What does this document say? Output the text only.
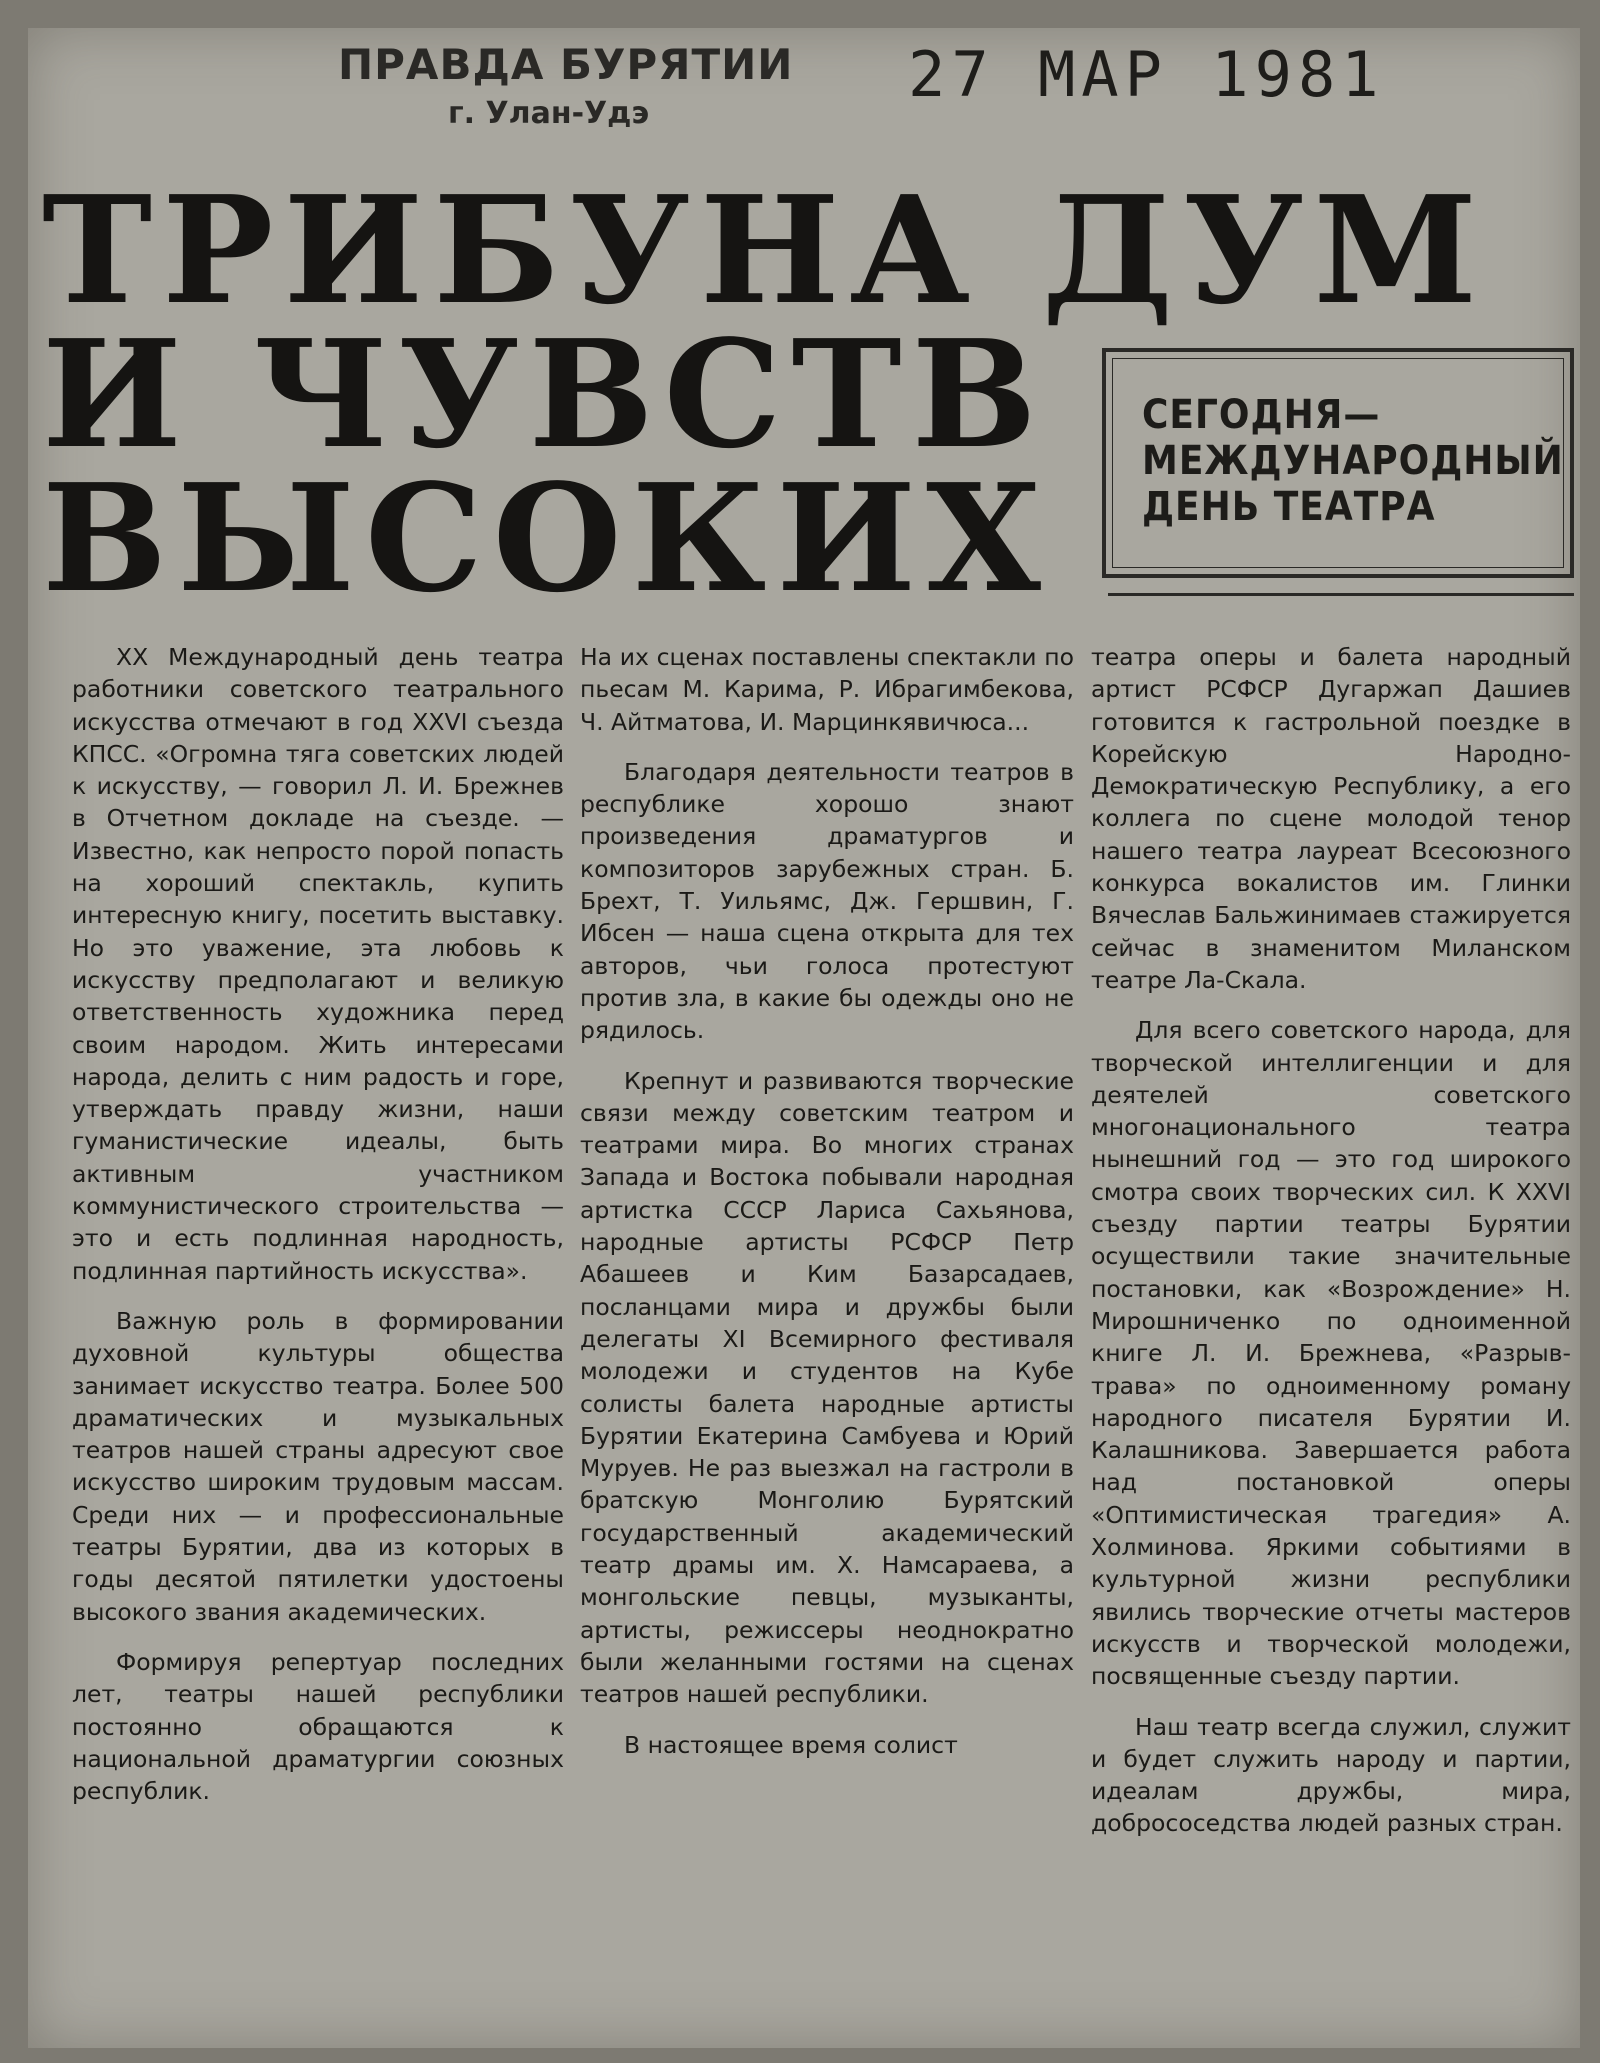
ПРАВДА БУРЯТИИ
г. Улан-Удэ
27 МАР 1981
ТРИБУНА ДУМ
И ЧУВСТВ
ВЫСОКИХ
СЕГОДНЯ—
МЕЖДУНАРОДНЫЙ
ДЕНЬ ТЕАТРА

XX Международный день театра работники советского театрального искусства отмечают в год XXVI съезда КПСС. «Огромна тяга советских людей к искусству, — говорил Л. И. Брежнев в Отчетном докладе на съезде. — Известно, как непросто порой попасть на хороший спектакль, купить интересную книгу, посетить выставку. Но это уважение, эта любовь к искусству предполагают и великую ответственность художника перед своим народом. Жить интересами народа, делить с ним радость и горе, утверждать правду жизни, наши гуманистические идеалы, быть активным участником коммунистического строительства — это и есть подлинная народность, подлинная партийность искусства».

Важную роль в формировании духовной культуры общества занимает искусство театра. Более 500 драматических и музыкальных театров нашей страны адресуют свое искусство широким трудовым массам. Среди них — и профессиональные театры Бурятии, два из которых в годы десятой пятилетки удостоены высокого звания академических.

Формируя репертуар последних лет, театры нашей республики постоянно обращаются к национальной драматургии союзных республик.

На их сценах поставлены спектакли по пьесам М. Карима, Р. Ибрагимбекова, Ч. Айтматова, И. Марцинкявичюса...

Благодаря деятельности театров в республике хорошо знают произведения драматургов и композиторов зарубежных стран. Б. Брехт, Т. Уильямс, Дж. Гершвин, Г. Ибсен — наша сцена открыта для тех авторов, чьи голоса протестуют против зла, в какие бы одежды оно не рядилось.

Крепнут и развиваются творческие связи между советским театром и театрами мира. Во многих странах Запада и Востока побывали народная артистка СССР Лариса Сахьянова, народные артисты РСФСР Петр Абашеев и Ким Базарсадаев, посланцами мира и дружбы были делегаты XI Всемирного фестиваля молодежи и студентов на Кубе солисты балета народные артисты Бурятии Екатерина Самбуева и Юрий Муруев. Не раз выезжал на гастроли в братскую Монголию Бурятский государственный академический театр драмы им. Х. Намсараева, а монгольские певцы, музыканты, артисты, режиссеры неоднократно были желанными гостями на сценах театров нашей республики.

В настоящее время солист

театра оперы и балета народный артист РСФСР Дугаржап Дашиев готовится к гастрольной поездке в Корейскую Народно-Демократическую Республику, а его коллега по сцене молодой тенор нашего театра лауреат Всесоюзного конкурса вокалистов им. Глинки Вячеслав Бальжинимаев стажируется сейчас в знаменитом Миланском театре Ла-Скала.

Для всего советского народа, для творческой интеллигенции и для деятелей советского многонационального театра нынешний год — это год широкого смотра своих творческих сил. К XXVI съезду партии театры Бурятии осуществили такие значительные постановки, как «Возрождение» Н. Мирошниченко по одноименной книге Л. И. Брежнева, «Разрыв-трава» по одноименному роману народного писателя Бурятии И. Калашникова. Завершается работа над постановкой оперы «Оптимистическая трагедия» А. Холминова. Яркими событиями в культурной жизни республики явились творческие отчеты мастеров искусств и творческой молодежи, посвященные съезду партии.

Наш театр всегда служил, служит и будет служить народу и партии, идеалам дружбы, мира, добрососедства людей разных стран.
